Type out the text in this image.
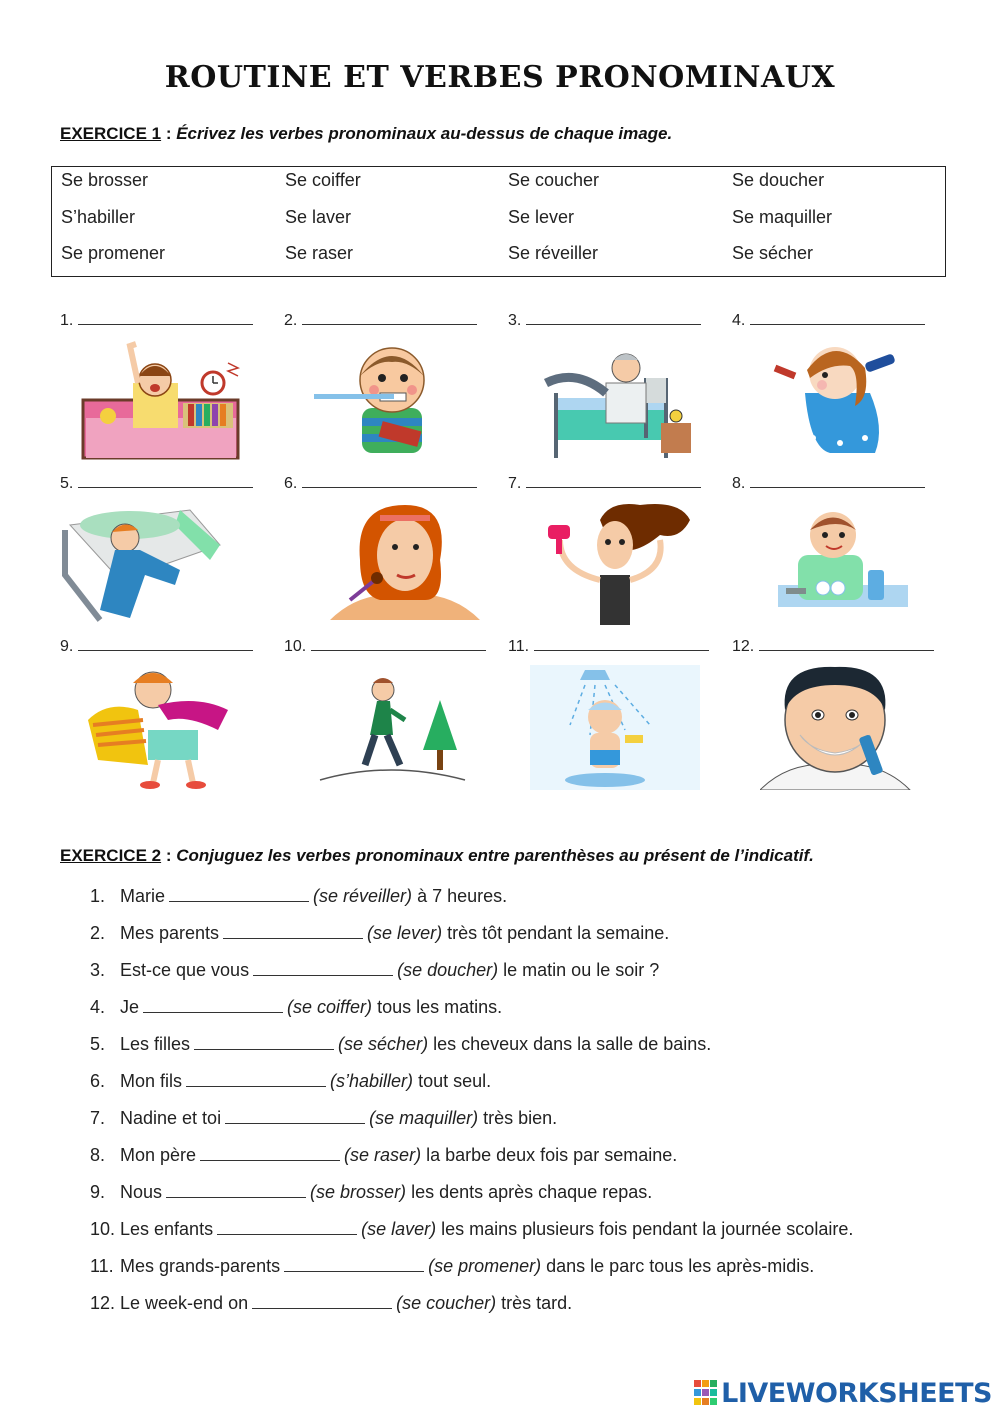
ROUTINE ET VERBES PRONOMINAUX
EXERCICE 1 : Écrivez les verbes pronominaux au-dessus de chaque image.
Se brosser	Se coiffer	Se coucher	Se doucher
S’habiller	Se laver	Se lever	Se maquiller
Se promener	Se raser	Se réveiller	Se sécher
1.	2.	3.	4.
5.	6.	7.	8.
9.	10.	11.	12.
EXERCICE 2 : Conjuguez les verbes pronominaux entre parenthèses au présent de l’indicatif.
1. Marie	(se réveiller) à 7 heures.
2. Mes parents	(se lever) très tôt pendant la semaine.
3. Est-ce que vous	(se doucher) le matin ou le soir ?
4. Je	(se coiffer) tous les matins.
5. Les filles	(se sécher) les cheveux dans la salle de bains.
6. Mon fils	(s’habiller) tout seul.
7. Nadine et toi	(se maquiller) très bien.
8. Mon père	(se raser) la barbe deux fois par semaine.
9. Nous	(se brosser) les dents après chaque repas.
10. Les enfants	(se laver) les mains plusieurs fois pendant la journée scolaire.
11. Mes grands-parents	(se promener) dans le parc tous les après-midis.
12. Le week-end on	(se coucher) très tard.
LIVEWORKSHEETS
